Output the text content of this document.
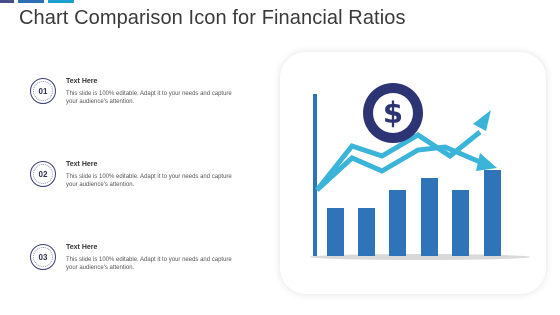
Chart Comparison Icon for Financial Ratios
01
Text Here
This slide is 100% editable. Adapt it to your needs and capture your audience's attention.
02
Text Here
This slide is 100% editable. Adapt it to your needs and capture your audience's attention.
03
Text Here
This slide is 100% editable. Adapt it to your needs and capture your audience's attention.
$
